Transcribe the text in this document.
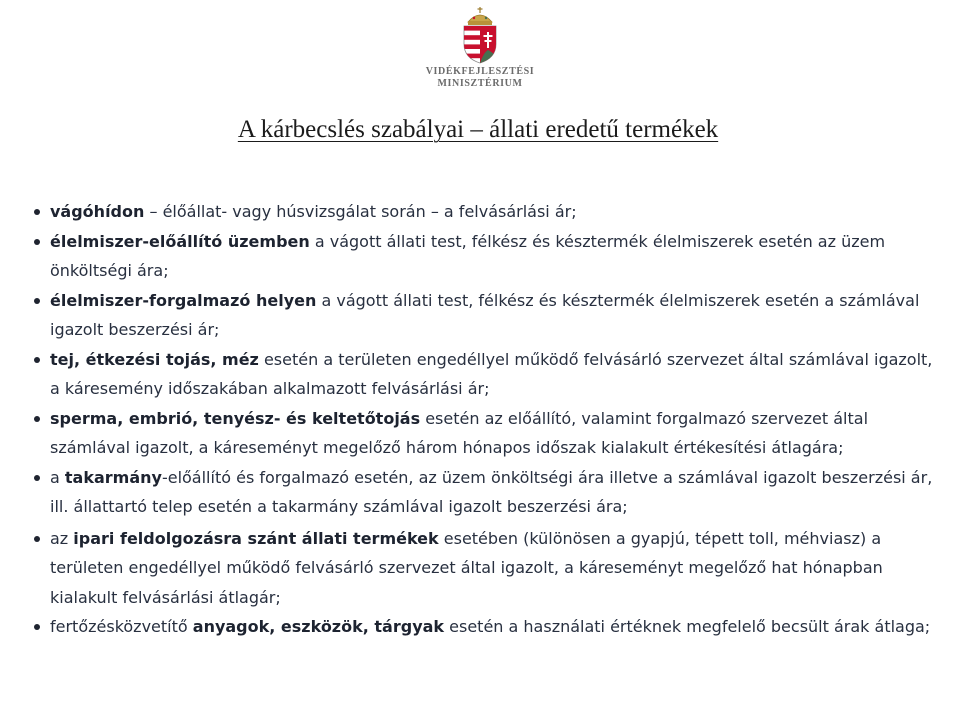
VIDÉKFEJLESZTÉSI
MINISZTÉRIUM
A kárbecslés szabályai – állati eredetű termékek
vágóhídon – élőállat- vagy húsvizsgálat során – a felvásárlási ár;
élelmiszer-előállító üzemben a vágott állati test, félkész és késztermék élelmiszerek esetén az üzem önköltségi ára;
élelmiszer-forgalmazó helyen a vágott állati test, félkész és késztermék élelmiszerek esetén a számlával igazolt beszerzési ár;
tej, étkezési tojás, méz esetén a területen engedéllyel működő felvásárló szervezet által számlával igazolt, a káresemény időszakában alkalmazott felvásárlási ár;
sperma, embrió, tenyész- és keltetőtojás esetén az előállító, valamint forgalmazó szervezet által számlával igazolt, a káreseményt megelőző három hónapos időszak kialakult értékesítési átlagára;
a takarmány-előállító és forgalmazó esetén, az üzem önköltségi ára illetve a számlával igazolt beszerzési ár, ill. állattartó telep esetén a takarmány számlával igazolt beszerzési ára;
az ipari feldolgozásra szánt állati termékek esetében (különösen a gyapjú, tépett toll, méhviasz) a területen engedéllyel működő felvásárló szervezet által igazolt, a káreseményt megelőző hat hónapban kialakult felvásárlási átlagár;
fertőzésközvetítő anyagok, eszközök, tárgyak esetén a használati értéknek megfelelő becsült árak átlaga;
